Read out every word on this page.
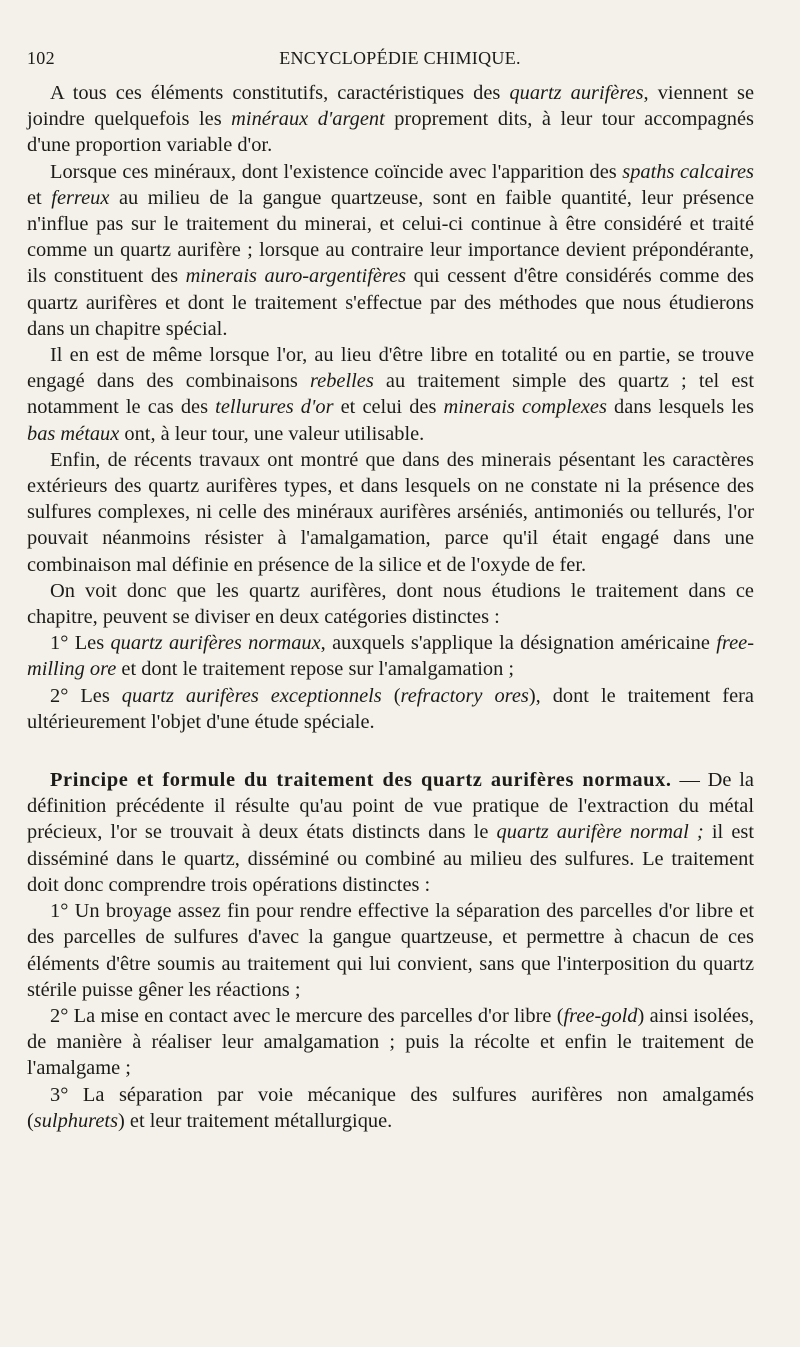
102	ENCYCLOPÉDIE CHIMIQUE.

A tous ces éléments constitutifs, caractéristiques des quartz aurifères, viennent se joindre quelquefois les minéraux d'argent proprement dits, à leur tour accompagnés d'une proportion variable d'or.

Lorsque ces minéraux, dont l'existence coïncide avec l'apparition des spaths calcaires et ferreux au milieu de la gangue quartzeuse, sont en faible quantité, leur présence n'influe pas sur le traitement du minerai, et celui-ci continue à être considéré et traité comme un quartz aurifère ; lorsque au contraire leur importance devient prépondérante, ils constituent des minerais auro-argentifères qui cessent d'être considérés comme des quartz aurifères et dont le traitement s'effectue par des méthodes que nous étudierons dans un chapitre spécial.

Il en est de même lorsque l'or, au lieu d'être libre en totalité ou en partie, se trouve engagé dans des combinaisons rebelles au traitement simple des quartz ; tel est notamment le cas des tellurures d'or et celui des minerais complexes dans lesquels les bas métaux ont, à leur tour, une valeur utilisable.

Enfin, de récents travaux ont montré que dans des minerais pésentant les caractères extérieurs des quartz aurifères types, et dans lesquels on ne constate ni la présence des sulfures complexes, ni celle des minéraux aurifères arséniés, antimoniés ou tellurés, l'or pouvait néanmoins résister à l'amalgamation, parce qu'il était engagé dans une combinaison mal définie en présence de la silice et de l'oxyde de fer.

On voit donc que les quartz aurifères, dont nous étudions le traitement dans ce chapitre, peuvent se diviser en deux catégories distinctes :

1° Les quartz aurifères normaux, auxquels s'applique la désignation américaine free-milling ore et dont le traitement repose sur l'amalgamation ;

2° Les quartz aurifères exceptionnels (refractory ores), dont le traitement fera ultérieurement l'objet d'une étude spéciale.

Principe et formule du traitement des quartz aurifères normaux. — De la définition précédente il résulte qu'au point de vue pratique de l'extraction du métal précieux, l'or se trouvait à deux états distincts dans le quartz aurifère normal ; il est disséminé dans le quartz, disséminé ou combiné au milieu des sulfures. Le traitement doit donc comprendre trois opérations distinctes :

1° Un broyage assez fin pour rendre effective la séparation des parcelles d'or libre et des parcelles de sulfures d'avec la gangue quartzeuse, et permettre à chacun de ces éléments d'être soumis au traitement qui lui convient, sans que l'interposition du quartz stérile puisse gêner les réactions ;

2° La mise en contact avec le mercure des parcelles d'or libre (free-gold) ainsi isolées, de manière à réaliser leur amalgamation ; puis la récolte et enfin le traitement de l'amalgame ;

3° La séparation par voie mécanique des sulfures aurifères non amalgamés (sulphurets) et leur traitement métallurgique.
